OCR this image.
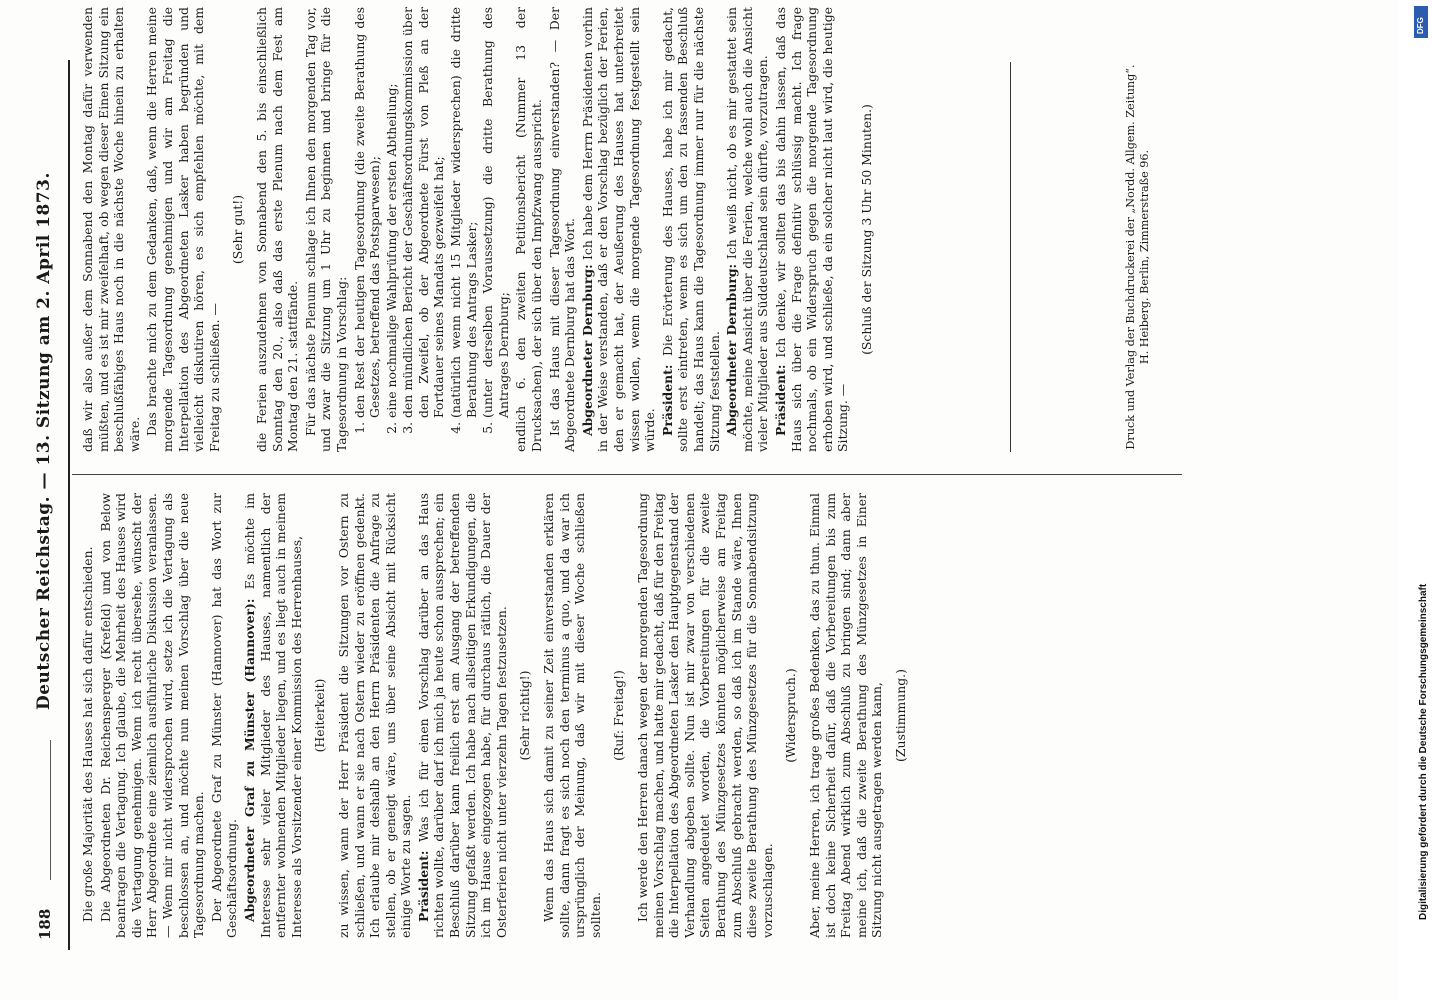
188
Deutscher Reichstag. — 13. Sitzung am 2. April 1873.

Die große Majorität des Hauses hat sich dafür entschieden. Die Abgeordneten Dr. Reichensperger (Krefeld) und von Below beantragen die Vertagung. Ich glaube, die Mehrheit des Hauses wird die Vertagung genehmigen. Wenn ich recht übersehe, wünscht der Herr Abgeordnete eine ziemlich ausführliche Diskussion veranlassen. — Wenn mir nicht widersprochen wird, setze ich die Vertagung als beschlossen an, und möchte nun meinen Vorschlag über die neue Tagesordnung machen. Der Abgeordnete Graf zu Münster (Hannover) hat das Wort zur Geschäftsordnung. Abgeordneter Graf zu Münster (Hannover): Es möchte im Interesse sehr vieler Mitglieder des Hauses, namentlich der entfernter wohnenden Mitglieder liegen, und es liegt auch in meinem Interesse als Vorsitzender einer Kommission des Herrenhauses, (Heiterkeit) zu wissen, wann der Herr Präsident die Sitzungen vor Ostern zu schließen, und wann er sie nach Ostern wieder zu eröffnen gedenkt. Ich erlaube mir deshalb an den Herrn Präsidenten die Anfrage zu stellen, ob er geneigt wäre, uns über seine Absicht mit Rücksicht einige Worte zu sagen. Präsident: Was ich für einen Vorschlag darüber an das Haus richten wollte, darüber darf ich mich ja heute schon aussprechen; ein Beschluß darüber kann freilich erst am Ausgang der betreffenden Sitzung gefaßt werden. Ich habe nach allseitigen Erkundigungen, die ich im Hause eingezogen habe, für durchaus rätlich, die Dauer der Osterferien nicht unter vierzehn Tagen festzusetzen. (Sehr richtig!) Wenn das Haus sich damit zu seiner Zeit einverstanden erklären sollte, dann fragt es sich noch den terminus a quo, und da war ich ursprünglich der Meinung, daß wir mit dieser Woche schließen sollten.

(Ruf: Freitag!) Ich werde den Herren danach wegen der morgenden Tagesordnung meinen Vorschlag machen, und hatte mir gedacht, daß für den Freitag die Interpellation des Abgeordneten Lasker den Hauptgegenstand der Verhandlung abgeben sollte. Nun ist mir zwar von verschiedenen Seiten angedeutet worden, die Vorbereitungen für die zweite Berathung des Münzgesetzes könnten möglicherweise am Freitag zum Abschluß gebracht werden, so daß ich im Stande wäre, Ihnen diese zweite Berathung des Münzgesetzes für die Sonnabendsitzung vorzuschlagen.

(Widerspruch.) Aber, meine Herren, ich trage großes Bedenken, das zu thun. Einmal ist doch keine Sicherheit dafür, daß die Vorbereitungen bis zum Freitag Abend wirklich zum Abschluß zu bringen sind; dann aber meine ich, daß die zweite Berathung des Münzgesetzes in Einer Sitzung nicht ausgetragen werden kann, (Zustimmung.)

daß wir also außer dem Sonnabend den Montag dafür verwenden müßten, und es ist mir zweifelhaft, ob wegen dieser Einen Sitzung ein beschlußfähiges Haus noch in die nächste Woche hinein zu erhalten wäre. Das brachte mich zu dem Gedanken, daß, wenn die Herren meine morgende Tagesordnung genehmigen und wir am Freitag die Interpellation des Abgeordneten Lasker haben begründen und vielleicht diskutiren hören, es sich empfehlen möchte, mit dem Freitag zu schließen. —

(Sehr gut!) die Ferien auszudehnen von Sonnabend den 5. bis einschließlich Sonntag den 20., also daß das erste Plenum nach dem Fest am Montag den 21. stattfände. Für das nächste Plenum schlage ich Ihnen den morgenden Tag vor, und zwar die Sitzung um 1 Uhr zu beginnen und bringe für die Tagesordnung in Vorschlag: 1. den Rest der heutigen Tagesordnung (die zweite Berathung des Gesetzes, betreffend das Postsparwesen); 2. eine nochmalige Wahlprüfung der ersten Abtheilung; 3. den mündlichen Bericht der Geschäftsordnungskommission über den Zweifel, ob der Abgeordnete Fürst von Pleß an der Fortdauer seines Mandats gezweifelt hat; 4. (natürlich wenn nicht 15 Mitglieder widersprechen) die dritte Berathung des Antrags Lasker; 5. (unter derselben Voraussetzung) die dritte Berathung des Antrages Dernburg;

endlich 6. den zweiten Petitionsbericht (Nummer 13 der Drucksachen), der sich über den Impfzwang ausspricht. Ist das Haus mit dieser Tagesordnung einverstanden? — Der Abgeordnete Dernburg hat das Wort. Abgeordneter Dernburg: Ich habe dem Herrn Präsidenten vorhin in der Weise verstanden, daß er den Vorschlag bezüglich der Ferien, den er gemacht hat, der Aeußerung des Hauses hat unterbreitet wissen wollen, wenn die morgende Tagesordnung festgestellt sein würde. Präsident: Die Erörterung des Hauses, habe ich mir gedacht, sollte erst eintreten, wenn es sich um den zu fassenden Beschluß handelt; das Haus kann die Tagesordnung immer nur für die nächste Sitzung feststellen. Abgeordneter Dernburg: Ich weiß nicht, ob es mir gestattet sein möchte, meine Ansicht über die Ferien, welche wohl auch die Ansicht vieler Mitglieder aus Süddeutschland sein dürfte, vorzutragen. Präsident: Ich denke, wir sollten das bis dahin lassen, daß das Haus sich über die Frage definitiv schlüssig macht. Ich frage nochmals, ob ein Widerspruch gegen die morgende Tagesordnung erhoben wird, und schließe, da ein solcher nicht laut wird, die heutige Sitzung. —

(Schluß der Sitzung 3 Uhr 50 Minuten.)	Druck und Verlag der Buchdruckerei der „Nordd. Allgem. Zeitung“. H. Heiberg. Berlin, Zimmerstraße 96.
Digitalisierung gefördert durch die Deutsche Forschungsgemeinschaft
DFG
